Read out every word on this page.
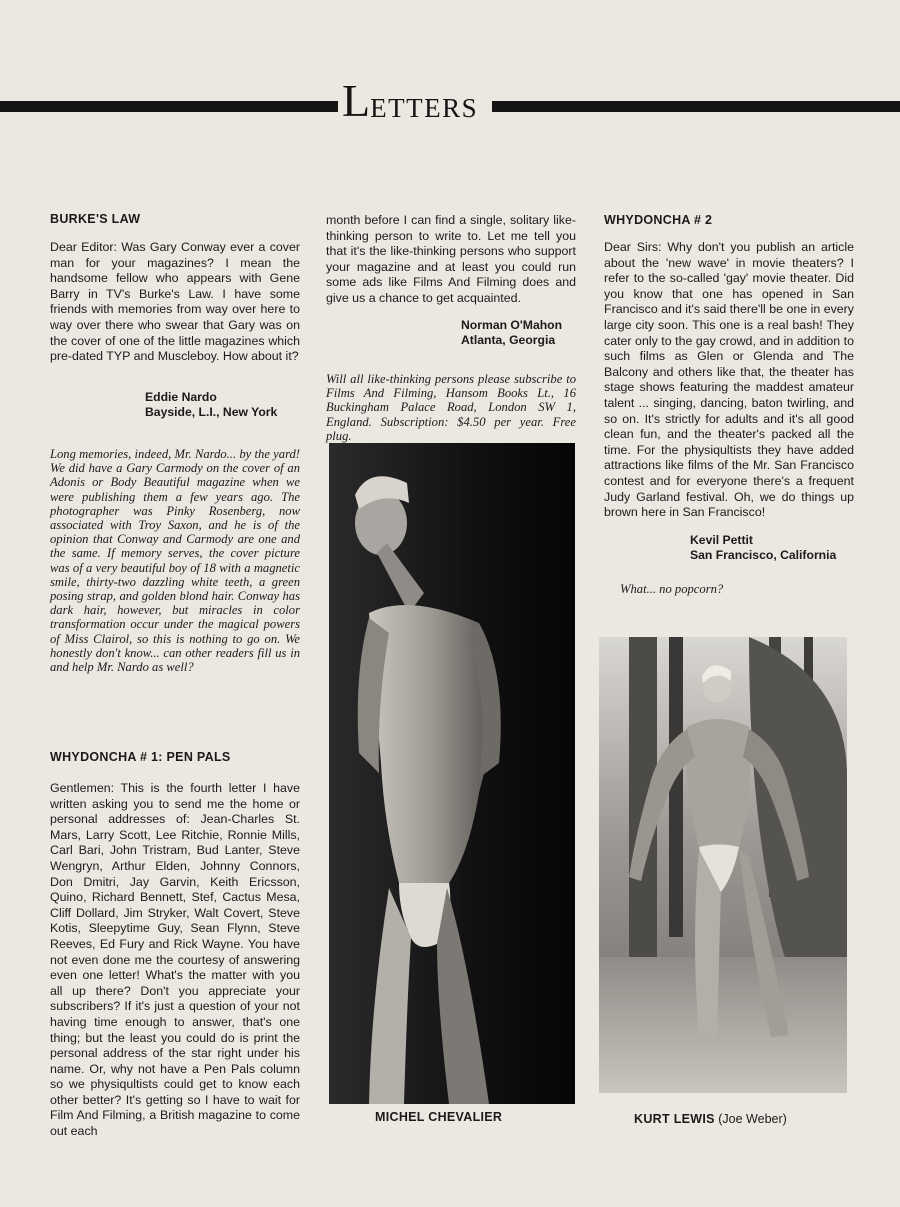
LETTERS

BURKE'S LAW

Dear Editor: Was Gary Conway ever a cover man for your magazines? I mean the handsome fellow who appears with Gene Barry in TV's Burke's Law. I have some friends with memories from way over here to way over there who swear that Gary was on the cover of one of the little magazines which pre-dated TYP and Muscleboy. How about it?

Eddie Nardo

Bayside, L.I., New York

Long memories, indeed, Mr. Nardo... by the yard! We did have a Gary Carmody on the cover of an Adonis or Body Beautiful magazine when we were publishing them a few years ago. The photographer was Pinky Rosenberg, now associated with Troy Saxon, and he is of the opinion that Conway and Carmody are one and the same. If memory serves, the cover picture was of a very beautiful boy of 18 with a magnetic smile, thirty-two dazzling white teeth, a green posing strap, and golden blond hair. Conway has dark hair, however, but miracles in color transformation occur under the magical powers of Miss Clairol, so this is nothing to go on. We honestly don't know... can other readers fill us in and help Mr. Nardo as well?

WHYDONCHA # 1: PEN PALS

Gentlemen: This is the fourth letter I have written asking you to send me the home or personal addresses of: Jean-Charles St. Mars, Larry Scott, Lee Ritchie, Ronnie Mills, Carl Bari, John Tristram, Bud Lanter, Steve Wengryn, Arthur Elden, Johnny Connors, Don Dmitri, Jay Garvin, Keith Ericsson, Quino, Richard Bennett, Stef, Cactus Mesa, Cliff Dollard, Jim Stryker, Walt Covert, Steve Kotis, Sleepytime Guy, Sean Flynn, Steve Reeves, Ed Fury and Rick Wayne. You have not even done me the courtesy of answering even one letter! What's the matter with you all up there? Don't you appreciate your subscribers? If it's just a question of your not having time enough to answer, that's one thing; but the least you could do is print the personal address of the star right under his name. Or, why not have a Pen Pals column so we physiqultists could get to know each other better? It's getting so I have to wait for Film And Filming, a British magazine to come out each

month before I can find a single, solitary like-thinking person to write to. Let me tell you that it's the like-thinking persons who support your magazine and at least you could run some ads like Films And Filming does and give us a chance to get acquainted.

Norman O'Mahon

Atlanta, Georgia

Will all like-thinking persons please subscribe to Films And Filming, Hansom Books Lt., 16 Buckingham Palace Road, London SW 1, England. Subscription: $4.50 per year. Free plug.

MICHEL CHEVALIER

WHYDONCHA # 2

Dear Sirs: Why don't you publish an article about the 'new wave' in movie theaters? I refer to the so-called 'gay' movie theater. Did you know that one has opened in San Francisco and it's said there'll be one in every large city soon. This one is a real bash! They cater only to the gay crowd, and in addition to such films as Glen or Glenda and The Balcony and others like that, the theater has stage shows featuring the maddest amateur talent ... singing, dancing, baton twirling, and so on. It's strictly for adults and it's all good clean fun, and the theater's packed all the time. For the physiqultists they have added attractions like films of the Mr. San Francisco contest and for everyone there's a frequent Judy Garland festival. Oh, we do things up brown here in San Francisco!

Kevil Pettit

San Francisco, California

What... no popcorn?

KURT LEWIS (Joe Weber)
